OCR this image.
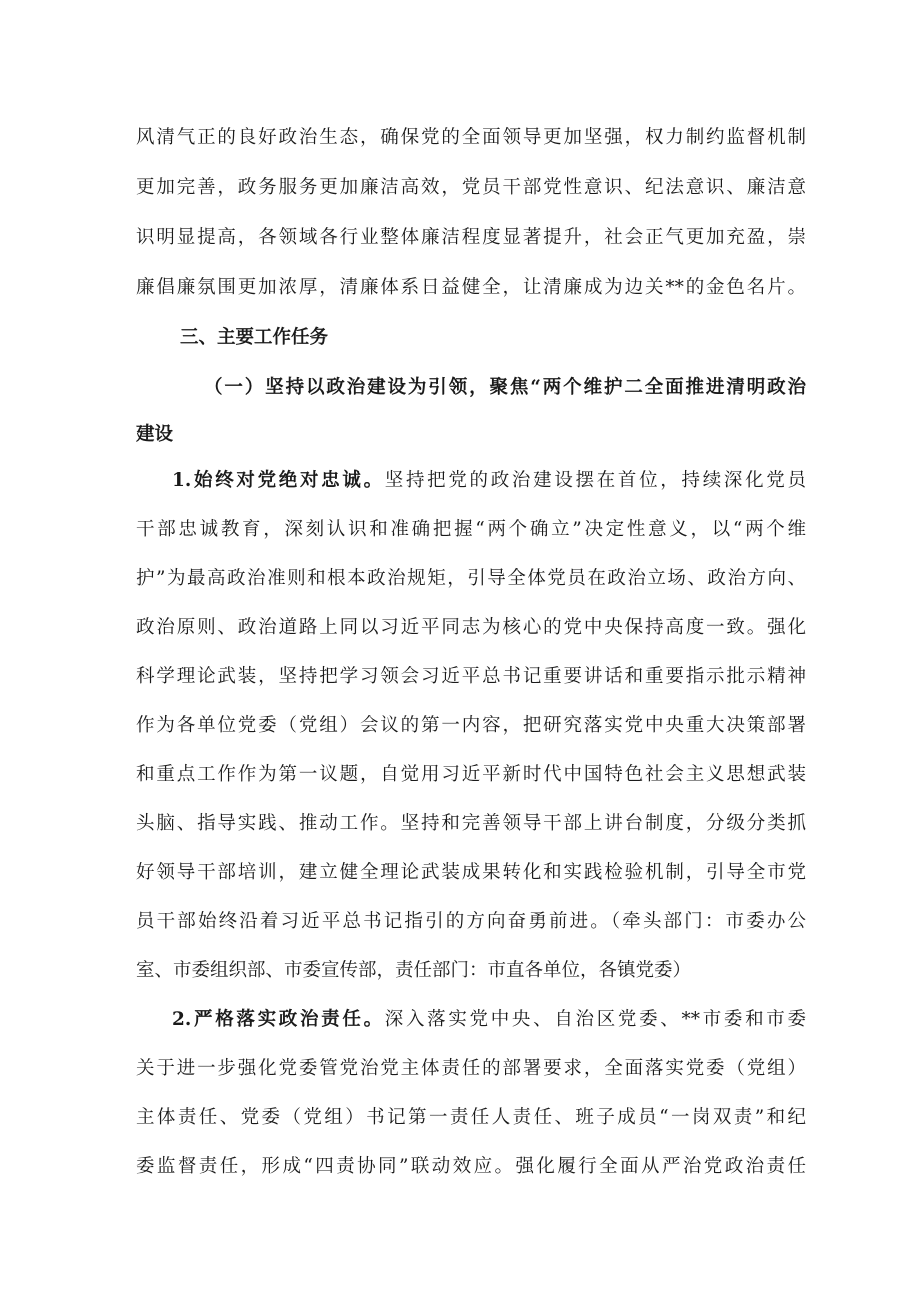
风清气正的良好政治生态，确保党的全面领导更加坚强，权力制约监督机制
更加完善，政务服务更加廉洁高效，党员干部党性意识、纪法意识、廉洁意
识明显提高，各领域各行业整体廉洁程度显著提升，社会正气更加充盈，崇
廉倡廉氛围更加浓厚，清廉体系日益健全，让清廉成为边关**的金色名片。
三、主要工作任务
（一）坚持以政治建设为引领，聚焦“两个维护二全面推进清明政治
建设
1.始终对党绝对忠诚。坚持把党的政治建设摆在首位，持续深化党员
干部忠诚教育，深刻认识和准确把握“两个确立”决定性意义，以“两个维
护”为最高政治准则和根本政治规矩，引导全体党员在政治立场、政治方向、
政治原则、政治道路上同以习近平同志为核心的党中央保持高度一致。强化
科学理论武装，坚持把学习领会习近平总书记重要讲话和重要指示批示精神
作为各单位党委（党组）会议的第一内容，把研究落实党中央重大决策部署
和重点工作作为第一议题，自觉用习近平新时代中国特色社会主义思想武装
头脑、指导实践、推动工作。坚持和完善领导干部上讲台制度，分级分类抓
好领导干部培训，建立健全理论武装成果转化和实践检验机制，引导全市党
员干部始终沿着习近平总书记指引的方向奋勇前进。（牵头部门：市委办公
室、市委组织部、市委宣传部，责任部门：市直各单位，各镇党委）
2.严格落实政治责任。深入落实党中央、自治区党委、**市委和市委
关于进一步强化党委管党治党主体责任的部署要求，全面落实党委（党组）
主体责任、党委（党组）书记第一责任人责任、班子成员“一岗双责”和纪
委监督责任，形成“四责协同”联动效应。强化履行全面从严治党政治责任
